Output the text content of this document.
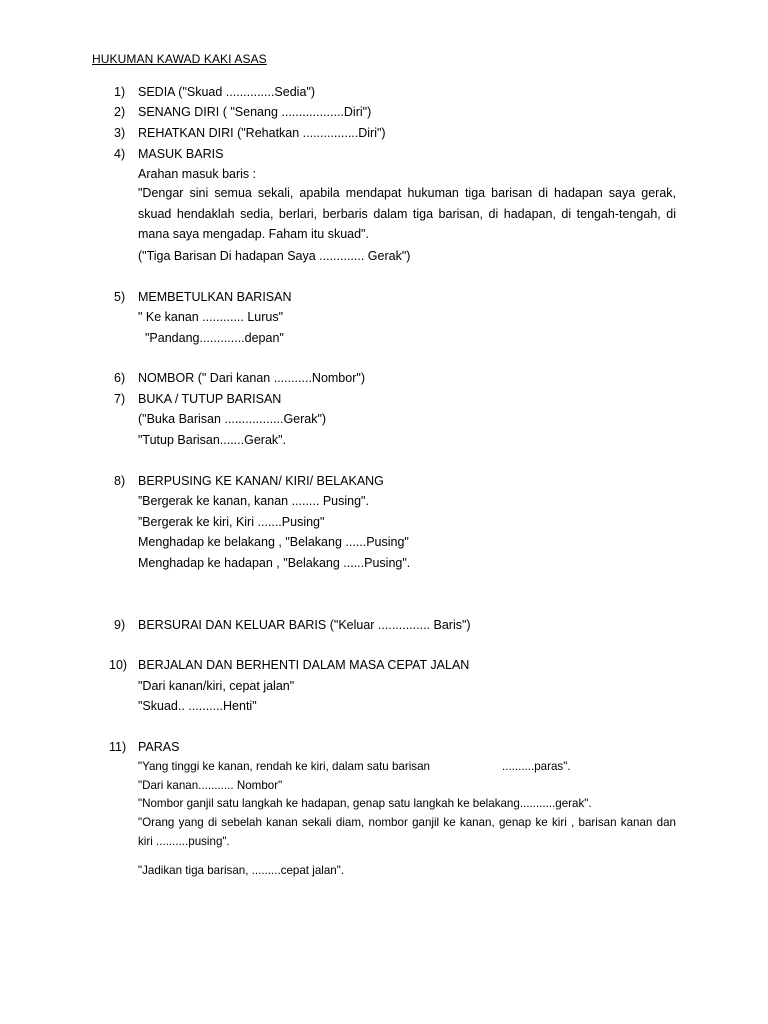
HUKUMAN KAWAD KAKI ASAS
1) SEDIA ("Skuad ..............Sedia")
2) SENANG DIRI ( "Senang ..................Diri")
3) REHATKAN DIRI ("Rehatkan ................Diri")
4) MASUK BARIS
Arahan masuk baris :
"Dengar sini semua sekali, apabila mendapat hukuman tiga barisan di hadapan saya gerak, skuad hendaklah sedia, berlari, berbaris dalam tiga barisan, di hadapan, di tengah-tengah, di mana saya mengadap. Faham itu skuad".
("Tiga Barisan Di hadapan Saya ............. Gerak")
5) MEMBETULKAN BARISAN
" Ke kanan ............ Lurus"
"Pandang.............depan"
6) NOMBOR (" Dari kanan ...........Nombor")
7) BUKA / TUTUP BARISAN
("Buka Barisan .................Gerak")
"Tutup Barisan.......Gerak".
8) BERPUSING KE KANAN/ KIRI/ BELAKANG
”Bergerak ke kanan, kanan ........ Pusing".
”Bergerak ke kiri, Kiri .......Pusing"
Menghadap ke belakang , "Belakang ......Pusing"
Menghadap ke hadapan , "Belakang ......Pusing".
9) BERSURAI DAN KELUAR BARIS ("Keluar ............... Baris")
10) BERJALAN DAN BERHENTI DALAM MASA CEPAT JALAN
"Dari kanan/kiri, cepat jalan"
"Skuad.. ..........Henti"
11) PARAS
"Yang tinggi ke kanan, rendah ke kiri, dalam satu barisan	..........paras".
"Dari kanan........... Nombor"
"Nombor ganjil satu langkah ke hadapan, genap satu langkah ke belakang...........gerak".
"Orang yang di sebelah kanan sekali diam, nombor ganjil ke kanan, genap ke kiri , barisan kanan dan kiri ..........pusing".
"Jadikan tiga barisan, .........cepat jalan".
